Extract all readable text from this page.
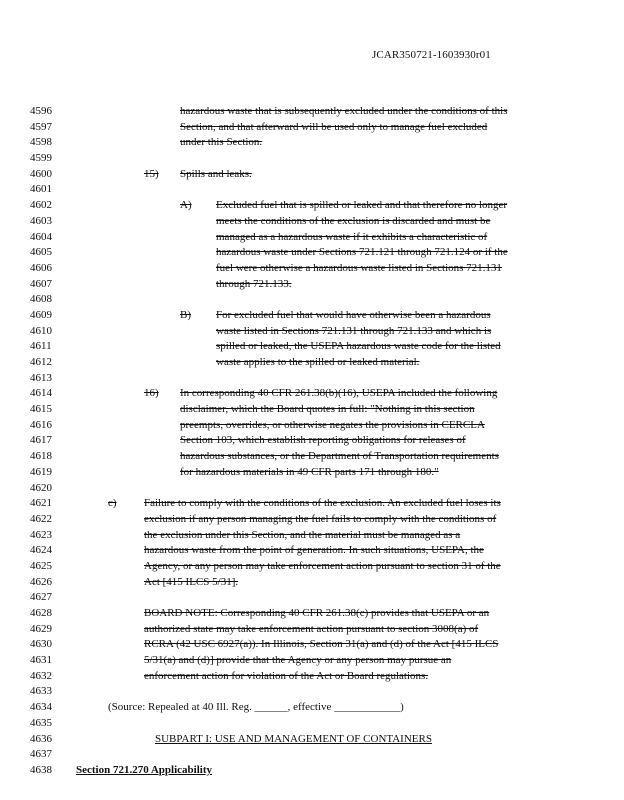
JCAR350721-1603930r01
4596	hazardous waste that is subsequently excluded under the conditions of this
4597	Section, and that afterward will be used only to manage fuel excluded
4598	under this Section.
4599
4600	15) Spills and leaks.
4601
4602	A) Excluded fuel that is spilled or leaked and that therefore no longer
4603	meets the conditions of the exclusion is discarded and must be
4604	managed as a hazardous waste if it exhibits a characteristic of
4605	hazardous waste under Sections 721.121 through 721.124 or if the
4606	fuel were otherwise a hazardous waste listed in Sections 721.131
4607	through 721.133.
4608
4609	B) For excluded fuel that would have otherwise been a hazardous
4610	waste listed in Sections 721.131 through 721.133 and which is
4611	spilled or leaked, the USEPA hazardous waste code for the listed
4612	waste applies to the spilled or leaked material.
4613
4614	16) In corresponding 40 CFR 261.38(b)(16), USEPA included the following
4615	disclaimer, which the Board quotes in full: "Nothing in this section
4616	preempts, overrides, or otherwise negates the provisions in CERCLA
4617	Section 103, which establish reporting obligations for releases of
4618	hazardous substances, or the Department of Transportation requirements
4619	for hazardous materials in 49 CFR parts 171 through 180."
4620
4621	c) Failure to comply with the conditions of the exclusion. An excluded fuel loses its
4622	exclusion if any person managing the fuel fails to comply with the conditions of
4623	the exclusion under this Section, and the material must be managed as a
4624	hazardous waste from the point of generation. In such situations, USEPA, the
4625	Agency, or any person may take enforcement action pursuant to section 31 of the
4626	Act [415 ILCS 5/31].
4627
4628	BOARD NOTE: Corresponding 40 CFR 261.38(c) provides that USEPA or an
4629	authorized state may take enforcement action pursuant to section 3008(a) of
4630	RCRA (42 USC 6927(a)). In Illinois, Section 31(a) and (d) of the Act [415 ILCS
4631	5/31(a) and (d)] provide that the Agency or any person may pursue an
4632	enforcement action for violation of the Act or Board regulations.
4633
4634	(Source: Repealed at 40 Ill. Reg. ______, effective ____________)
4635
4636	SUBPART I: USE AND MANAGEMENT OF CONTAINERS
4637
4638	Section 721.270 Applicability
